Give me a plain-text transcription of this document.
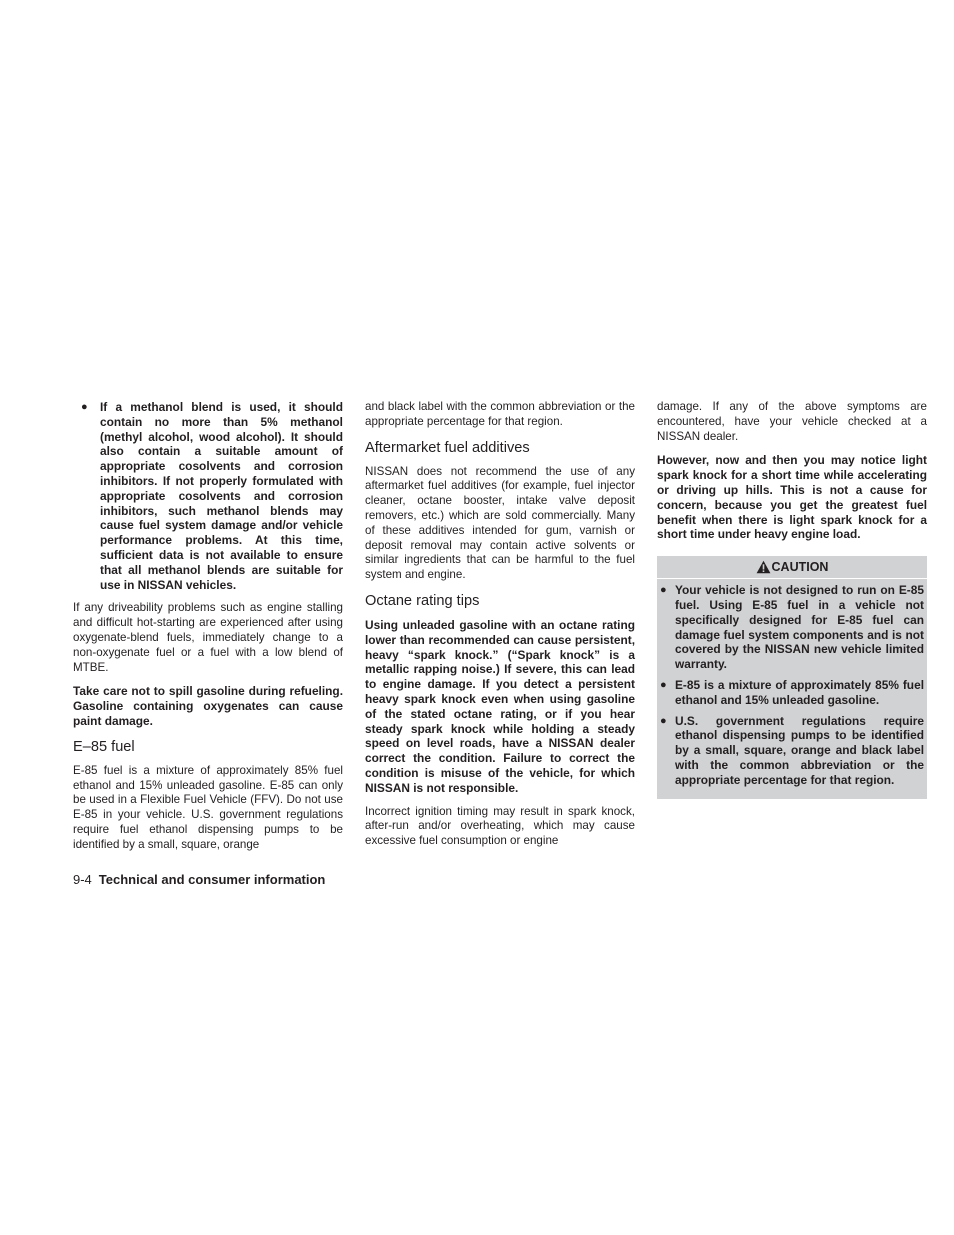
●	If a methanol blend is used, it should contain no more than 5% methanol (methyl alcohol, wood alcohol). It should also contain a suitable amount of appropriate cosolvents and corrosion inhibitors. If not properly formulated with appropriate cosolvents and corrosion inhibitors, such methanol blends may cause fuel system damage and/or vehicle performance problems. At this time, sufficient data is not available to ensure that all methanol blends are suitable for use in NISSAN vehicles.

If any driveability problems such as engine stalling and difficult hot-starting are experienced after using oxygenate-blend fuels, immediately change to a non-oxygenate fuel or a fuel with a low blend of MTBE.

Take care not to spill gasoline during refueling. Gasoline containing oxygenates can cause paint damage.

E–85 fuel

E-85 fuel is a mixture of approximately 85% fuel ethanol and 15% unleaded gasoline. E-85 can only be used in a Flexible Fuel Vehicle (FFV). Do not use E-85 in your vehicle. U.S. government regulations require fuel ethanol dispensing pumps to be identified by a small, square, orange

and black label with the common abbreviation or the appropriate percentage for that region.

Aftermarket fuel additives

NISSAN does not recommend the use of any aftermarket fuel additives (for example, fuel injector cleaner, octane booster, intake valve deposit removers, etc.) which are sold commercially. Many of these additives intended for gum, varnish or deposit removal may contain active solvents or similar ingredients that can be harmful to the fuel system and engine.

Octane rating tips

Using unleaded gasoline with an octane rating lower than recommended can cause persistent, heavy “spark knock.” (“Spark knock” is a metallic rapping noise.) If severe, this can lead to engine damage. If you detect a persistent heavy spark knock even when using gasoline of the stated octane rating, or if you hear steady spark knock while holding a steady speed on level roads, have a NISSAN dealer correct the condition. Failure to correct the condition is misuse of the vehicle, for which NISSAN is not responsible.

Incorrect ignition timing may result in spark knock, after-run and/or overheating, which may cause excessive fuel consumption or engine

damage. If any of the above symptoms are encountered, have your vehicle checked at a NISSAN dealer.

However, now and then you may notice light spark knock for a short time while accelerating or driving up hills. This is not a cause for concern, because you get the greatest fuel benefit when there is light spark knock for a short time under heavy engine load.

CAUTION
● Your vehicle is not designed to run on E-85 fuel. Using E-85 fuel in a vehicle not specifically designed for E-85 fuel can damage fuel system components and is not covered by the NISSAN new vehicle limited warranty.
● E-85 is a mixture of approximately 85% fuel ethanol and 15% unleaded gasoline.
● U.S. government regulations require ethanol dispensing pumps to be identified by a small, square, orange and black label with the common abbreviation or the appropriate percentage for that region.
9-4 Technical and consumer information
